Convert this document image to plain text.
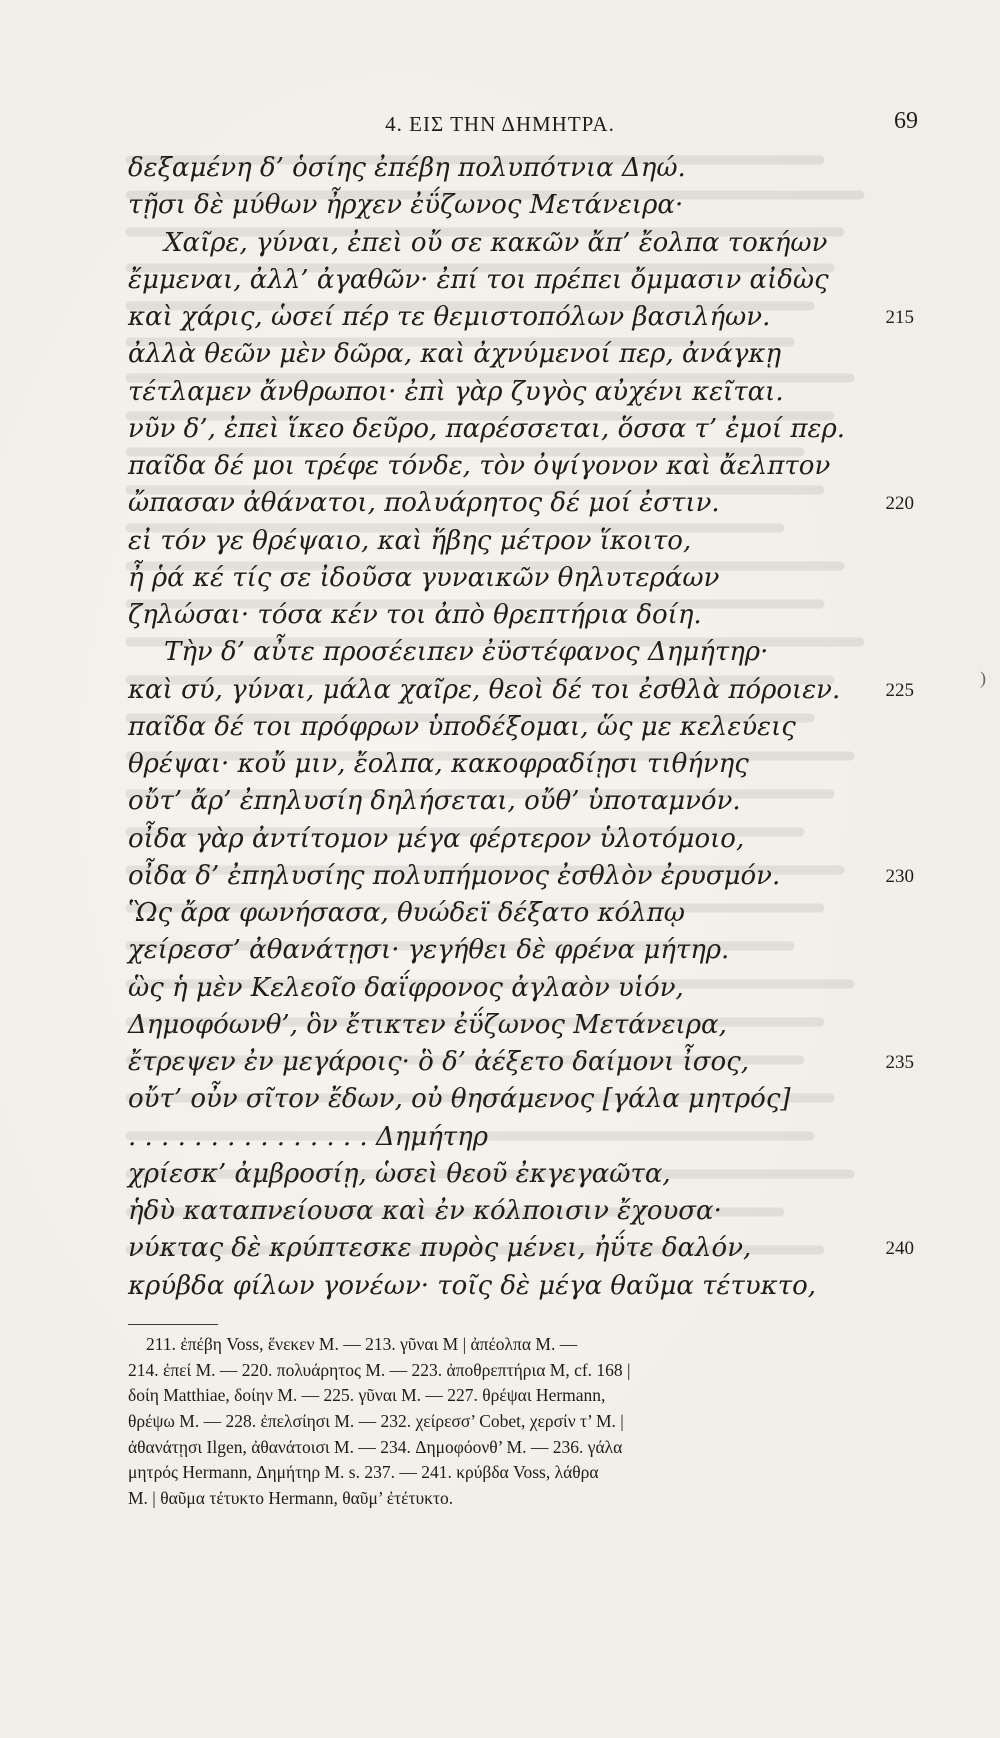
4. ΕΙΣ ΤΗΝ ΔΗΜΗΤΡΑ.	69
δεξαμένη δ’ ὁσίης ἐπέβη πολυπότνια Δηώ.
τῇσι δὲ μύθων ἦρχεν ἐΰζωνος Μετάνειρα·
Χαῖρε, γύναι, ἐπεὶ οὔ σε κακῶν ἄπ’ ἔολπα τοκήων
ἔμμεναι, ἀλλ’ ἀγαθῶν· ἐπί τοι πρέπει ὄμμασιν αἰδὼς
καὶ χάρις, ὡσεί πέρ τε θεμιστοπόλων βασιλήων.	215
ἀλλὰ θεῶν μὲν δῶρα, καὶ ἀχνύμενοί περ, ἀνάγκῃ
τέτλαμεν ἄνθρωποι· ἐπὶ γὰρ ζυγὸς αὐχένι κεῖται.
νῦν δ’, ἐπεὶ ἵκεο δεῦρο, παρέσσεται, ὅσσα τ’ ἐμοί περ.
παῖδα δέ μοι τρέφε τόνδε, τὸν ὀψίγονον καὶ ἄελπτον
ὤπασαν ἀθάνατοι, πολυάρητος δέ μοί ἐστιν.	220
εἰ τόν γε θρέψαιο, καὶ ἥβης μέτρον ἵκοιτο,
ἦ ῥά κέ τίς σε ἰδοῦσα γυναικῶν θηλυτεράων
ζηλώσαι· τόσα κέν τοι ἀπὸ θρεπτήρια δοίη.
Τὴν δ’ αὖτε προσέειπεν ἐϋστέφανος Δημήτηρ·
καὶ σύ, γύναι, μάλα χαῖρε, θεοὶ δέ τοι ἐσθλὰ πόροιεν.	225
παῖδα δέ τοι πρόφρων ὑποδέξομαι, ὥς με κελεύεις
θρέψαι· κοὔ μιν, ἔολπα, κακοφραδίῃσι τιθήνης
οὔτ’ ἄρ’ ἐπηλυσίη δηλήσεται, οὔθ’ ὑποταμνόν.
οἶδα γὰρ ἀντίτομον μέγα φέρτερον ὑλοτόμοιο,
οἶδα δ’ ἐπηλυσίης πολυπήμονος ἐσθλὸν ἐρυσμόν.	230
Ὣς ἄρα φωνήσασα, θυώδεϊ δέξατο κόλπῳ
χείρεσσ’ ἀθανάτῃσι· γεγήθει δὲ φρένα μήτηρ.
ὣς ἡ μὲν Κελεοῖο δαΐφρονος ἀγλαὸν υἱόν,
Δημοφόωνθ’, ὃν ἔτικτεν ἐΰζωνος Μετάνειρα,
ἔτρεψεν ἐν μεγάροις· ὃ δ’ ἀέξετο δαίμονι ἶσος,	235
οὔτ’ οὖν σῖτον ἔδων, οὐ θησάμενος [γάλα μητρός]
. . . . . . . . . . . . . . . Δημήτηρ
χρίεσκ’ ἀμβροσίῃ, ὡσεὶ θεοῦ ἐκγεγαῶτα,
ἡδὺ καταπνείουσα καὶ ἐν κόλποισιν ἔχουσα·
νύκτας δὲ κρύπτεσκε πυρὸς μένει, ἠΰτε δαλόν,	240
κρύβδα φίλων γονέων· τοῖς δὲ μέγα θαῦμα τέτυκτο,
211. ἐπέβη Voss, ἕνεκεν M. — 213. γῦναι M | ἀπέολπα M. —
214. ἐπεί M. — 220. πολυάρητος M. — 223. ἀποθρεπτήρια M, cf. 168 |
δοίη Matthiae, δοίην M. — 225. γῦναι M. — 227. θρέψαι Hermann,
θρέψω M. — 228. ἐπελσίησι M. — 232. χείρεσσ’ Cobet, χερσίν τ’ M. |
ἀθανάτῃσι Ilgen, ἀθανάτοισι M. — 234. Δημοφόονθ’ M. — 236. γάλα
μητρός Hermann, Δημήτηρ M. s. 237. — 241. κρύβδα Voss, λάθρα
M. | θαῦμα τέτυκτο Hermann, θαῦμ’ ἐτέτυκτο.
)
